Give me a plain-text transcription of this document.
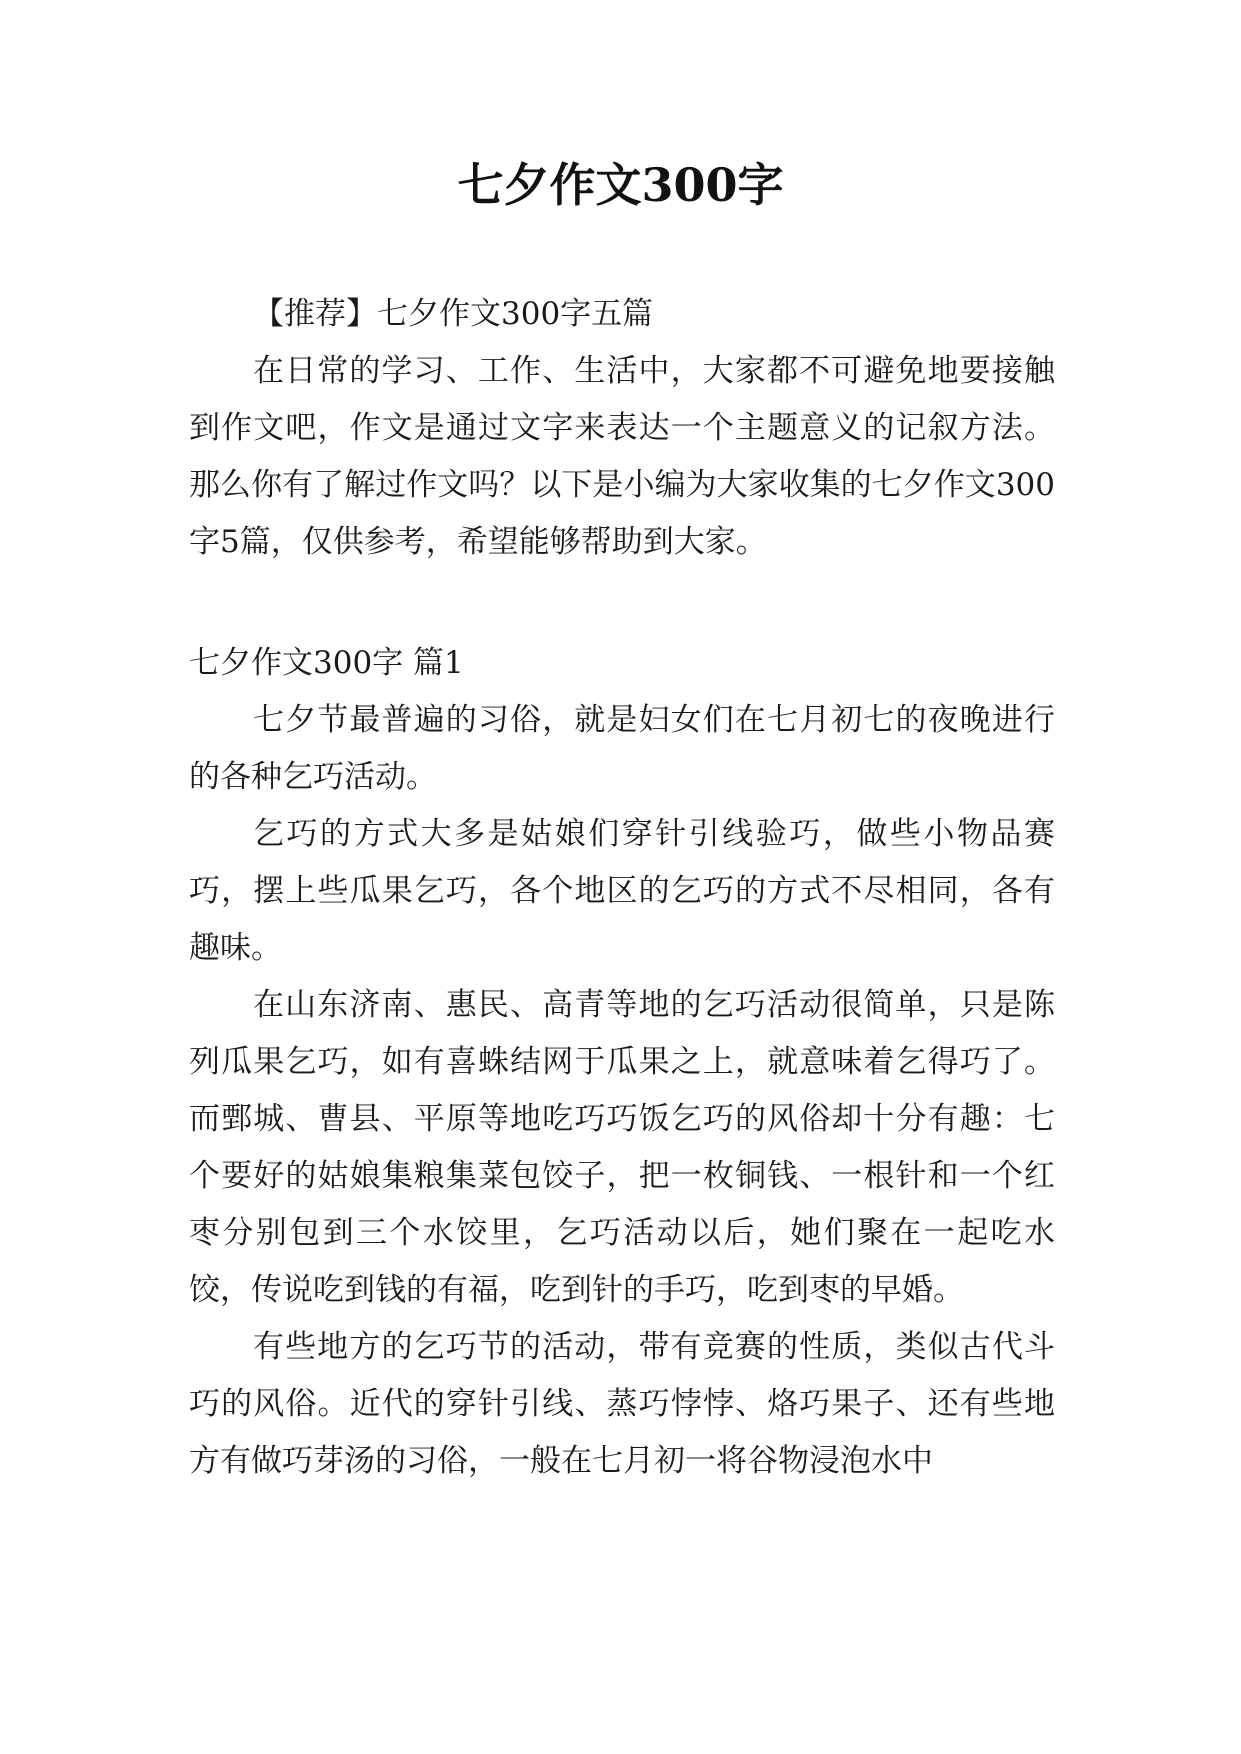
七夕作文300字

【推荐】七夕作文300字五篇

在日常的学习、工作、生活中，大家都不可避免地要接触到作文吧，作文是通过文字来表达一个主题意义的记叙方法。那么你有了解过作文吗？以下是小编为大家收集的七夕作文300字5篇，仅供参考，希望能够帮助到大家。

七夕作文300字 篇1

七夕节最普遍的习俗，就是妇女们在七月初七的夜晚进行的各种乞巧活动。

乞巧的方式大多是姑娘们穿针引线验巧，做些小物品赛巧，摆上些瓜果乞巧，各个地区的乞巧的方式不尽相同，各有趣味。

在山东济南、惠民、高青等地的乞巧活动很简单，只是陈列瓜果乞巧，如有喜蛛结网于瓜果之上，就意味着乞得巧了。而鄄城、曹县、平原等地吃巧巧饭乞巧的风俗却十分有趣：七个要好的姑娘集粮集菜包饺子，把一枚铜钱、一根针和一个红枣分别包到三个水饺里，乞巧活动以后，她们聚在一起吃水饺，传说吃到钱的有福，吃到针的手巧，吃到枣的早婚。

有些地方的乞巧节的活动，带有竞赛的性质，类似古代斗巧的风俗。近代的穿针引线、蒸巧悖悖、烙巧果子、还有些地方有做巧芽汤的习俗，一般在七月初一将谷物浸泡水中
